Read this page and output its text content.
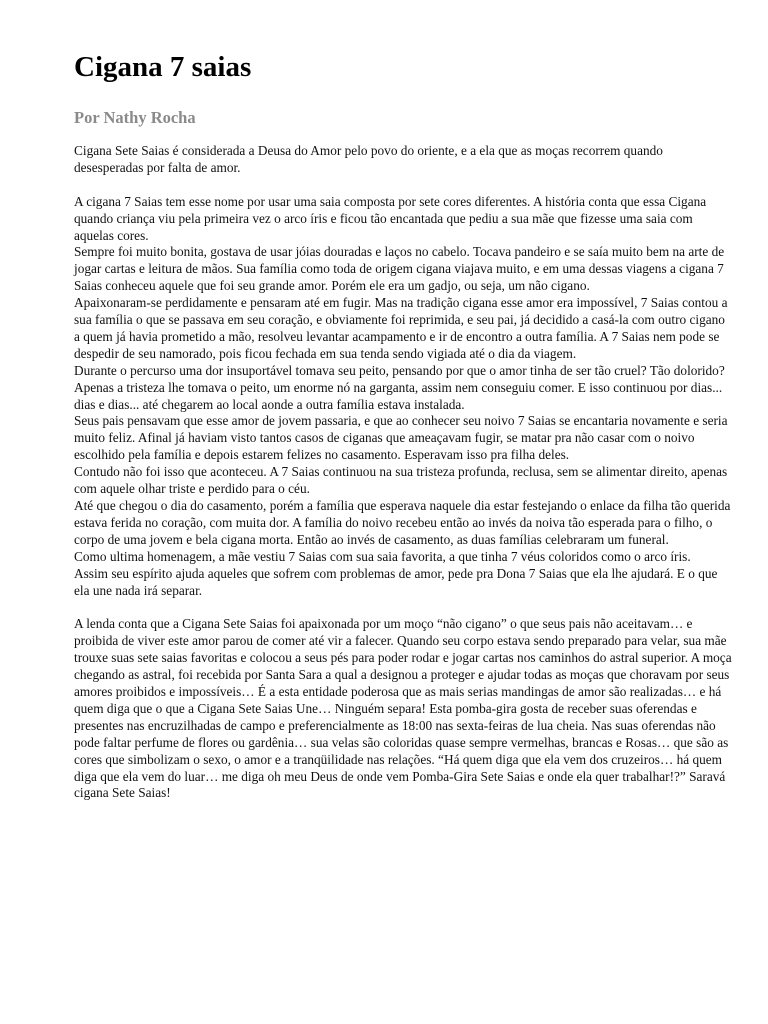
Cigana 7 saias
Por Nathy Rocha

Cigana Sete Saias é considerada a Deusa do Amor pelo povo do oriente, e a ela que as moças recorrem quando desesperadas por falta de amor.

A cigana 7 Saias tem esse nome por usar uma saia composta por sete cores diferentes. A história conta que essa Cigana quando criança viu pela primeira vez o arco íris e ficou tão encantada que pediu a sua mãe que fizesse uma saia com aquelas cores.

Sempre foi muito bonita, gostava de usar jóias douradas e laços no cabelo. Tocava pandeiro e se saía muito bem na arte de jogar cartas e leitura de mãos. Sua família como toda de origem cigana viajava muito, e em uma dessas viagens a cigana 7 Saias conheceu aquele que foi seu grande amor. Porém ele era um gadjo, ou seja, um não cigano.

Apaixonaram-se perdidamente e pensaram até em fugir. Mas na tradição cigana esse amor era impossível, 7 Saias contou a sua família o que se passava em seu coração, e obviamente foi reprimida, e seu pai, já decidido a casá-la com outro cigano a quem já havia prometido a mão, resolveu levantar acampamento e ir de encontro a outra família. A 7 Saias nem pode se despedir de seu namorado, pois ficou fechada em sua tenda sendo vigiada até o dia da viagem.

Durante o percurso uma dor insuportável tomava seu peito, pensando por que o amor tinha de ser tão cruel? Tão dolorido? Apenas a tristeza lhe tomava o peito, um enorme nó na garganta, assim nem conseguiu comer. E isso continuou por dias... dias e dias... até chegarem ao local aonde a outra família estava instalada.

Seus pais pensavam que esse amor de jovem passaria, e que ao conhecer seu noivo 7 Saias se encantaria novamente e seria muito feliz. Afinal já haviam visto tantos casos de ciganas que ameaçavam fugir, se matar pra não casar com o noivo escolhido pela família e depois estarem felizes no casamento. Esperavam isso pra filha deles.

Contudo não foi isso que aconteceu. A 7 Saias continuou na sua tristeza profunda, reclusa, sem se alimentar direito, apenas com aquele olhar triste e perdido para o céu.

Até que chegou o dia do casamento, porém a família que esperava naquele dia estar festejando o enlace da filha tão querida estava ferida no coração, com muita dor. A família do noivo recebeu então ao invés da noiva tão esperada para o filho, o corpo de uma jovem e bela cigana morta. Então ao invés de casamento, as duas famílias celebraram um funeral.

Como ultima homenagem, a mãe vestiu 7 Saias com sua saia favorita, a que tinha 7 véus coloridos como o arco íris.

Assim seu espírito ajuda aqueles que sofrem com problemas de amor, pede pra Dona 7 Saias que ela lhe ajudará. E o que ela une nada irá separar.

A lenda conta que a Cigana Sete Saias foi apaixonada por um moço “não cigano” o que seus pais não aceitavam… e proibida de viver este amor parou de comer até vir a falecer. Quando seu corpo estava sendo preparado para velar, sua mãe trouxe suas sete saias favoritas e colocou a seus pés para poder rodar e jogar cartas nos caminhos do astral superior. A moça chegando as astral, foi recebida por Santa Sara a qual a designou a proteger e ajudar todas as moças que choravam por seus amores proibidos e impossíveis… É a esta entidade poderosa que as mais serias mandingas de amor são realizadas… e há quem diga que o que a Cigana Sete Saias Une… Ninguém separa! Esta pomba-gira gosta de receber suas oferendas e presentes nas encruzilhadas de campo e preferencialmente as 18:00 nas sexta-feiras de lua cheia. Nas suas oferendas não pode faltar perfume de flores ou gardênia… sua velas são coloridas quase sempre vermelhas, brancas e Rosas… que são as cores que simbolizam o sexo, o amor e a tranqüilidade nas relações. “Há quem diga que ela vem dos cruzeiros… há quem diga que ela vem do luar… me diga oh meu Deus de onde vem Pomba-Gira Sete Saias e onde ela quer trabalhar!?” Saravá cigana Sete Saias!
